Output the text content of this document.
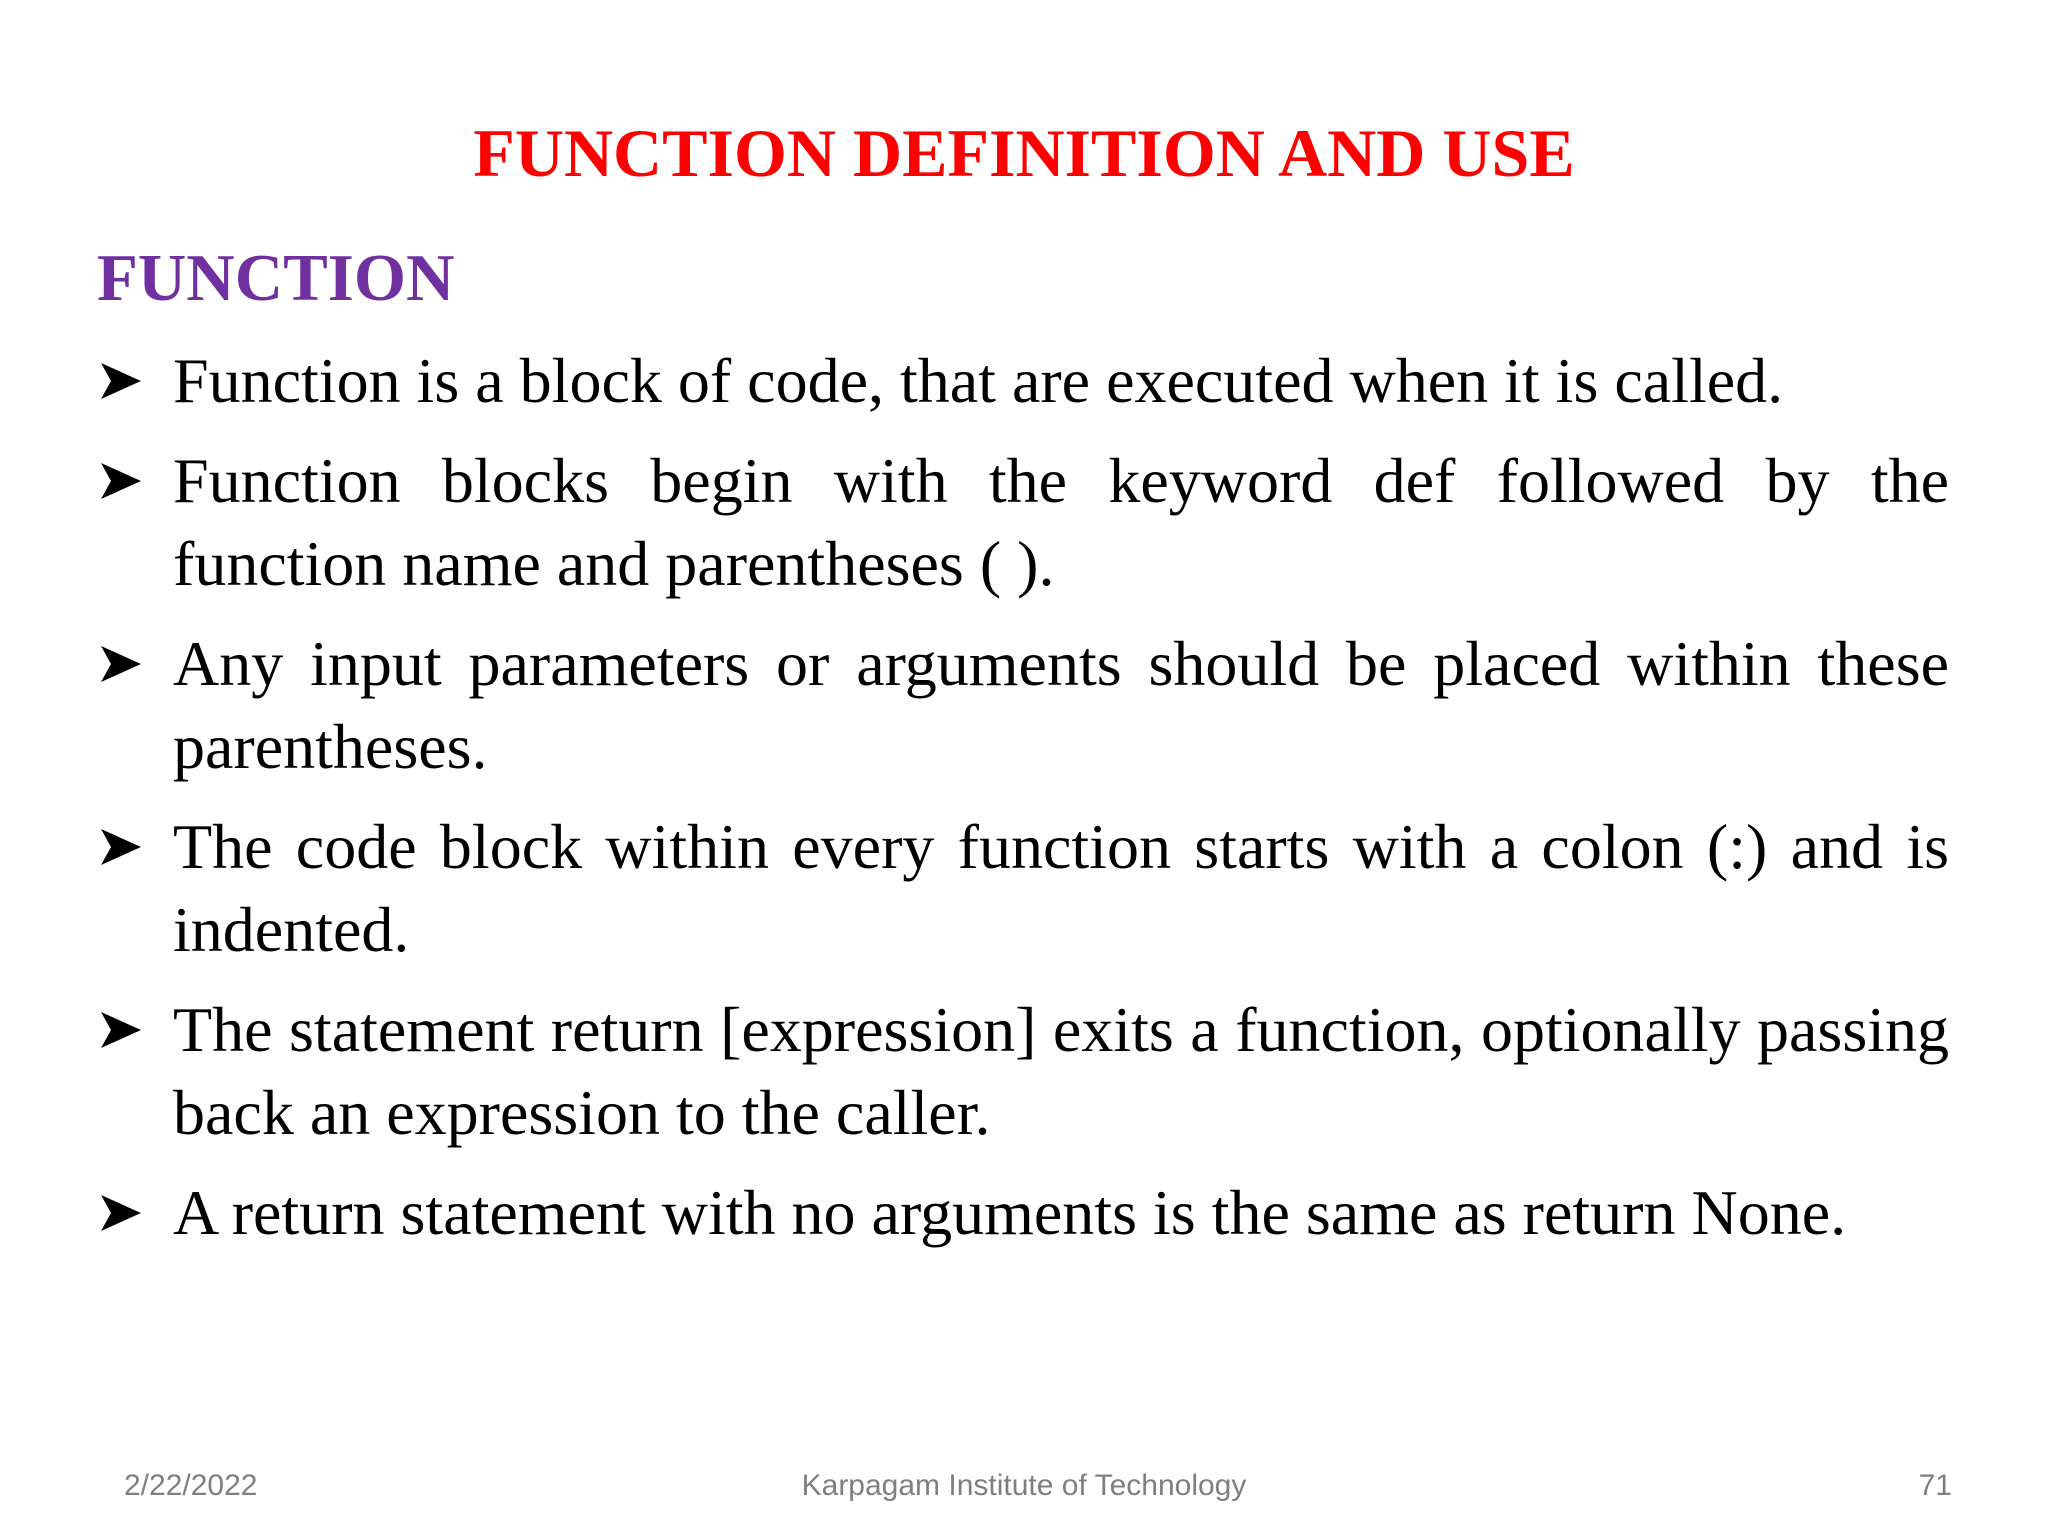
FUNCTION DEFINITION AND USE
FUNCTION
Function is a block of code, that are executed when it is called.
Function blocks begin with the keyword def followed by the function name and parentheses ( ).
Any input parameters or arguments should be placed within these parentheses.
The code block within every function starts with a colon (:) and is indented.
The statement return [expression] exits a function, optionally passing back an expression to the caller.
A return statement with no arguments is the same as return None.
2/22/2022	Karpagam Institute of Technology	71
